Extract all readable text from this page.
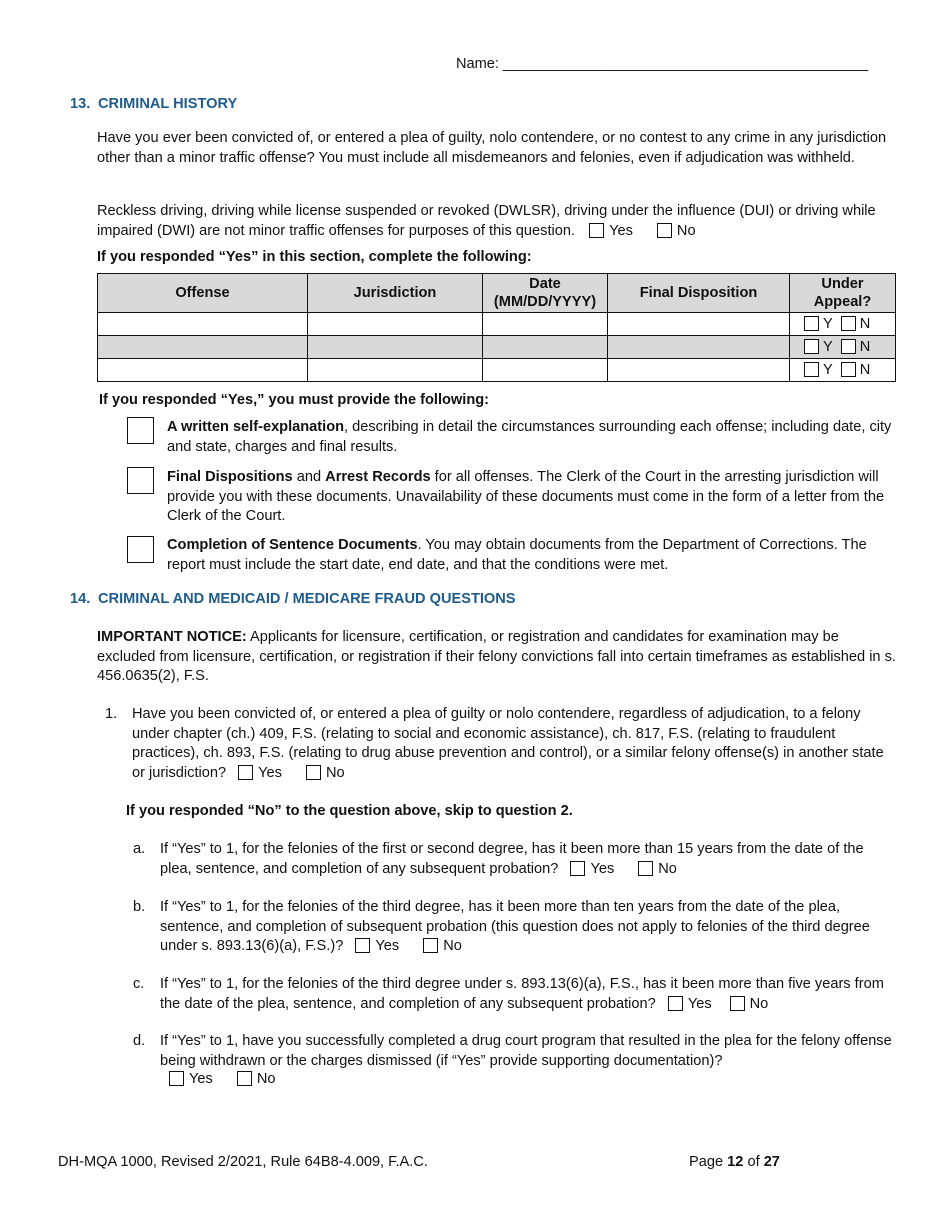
Name: _____________________________________________
13. CRIMINAL HISTORY
Have you ever been convicted of, or entered a plea of guilty, nolo contendere, or no contest to any crime in any jurisdiction other than a minor traffic offense? You must include all misdemeanors and felonies, even if adjudication was withheld.
Reckless driving, driving while license suspended or revoked (DWLSR), driving under the influence (DUI) or driving while impaired (DWI) are not minor traffic offenses for purposes of this question. Yes	No
If you responded “Yes” in this section, complete the following:
Offense	Jurisdiction	Date (MM/DD/YYYY)	Final Disposition	Under Appeal?
				Y N
				Y N
				Y N
If you responded “Yes,” you must provide the following:
A written self-explanation, describing in detail the circumstances surrounding each offense; including date, city and state, charges and final results.
Final Dispositions and Arrest Records for all offenses. The Clerk of the Court in the arresting jurisdiction will provide you with these documents. Unavailability of these documents must come in the form of a letter from the Clerk of the Court.
Completion of Sentence Documents. You may obtain documents from the Department of Corrections. The report must include the start date, end date, and that the conditions were met.
14. CRIMINAL AND MEDICAID / MEDICARE FRAUD QUESTIONS
IMPORTANT NOTICE: Applicants for licensure, certification, or registration and candidates for examination may be excluded from licensure, certification, or registration if their felony convictions fall into certain timeframes as established in s. 456.0635(2), F.S.
1. Have you been convicted of, or entered a plea of guilty or nolo contendere, regardless of adjudication, to a felony under chapter (ch.) 409, F.S. (relating to social and economic assistance), ch. 817, F.S. (relating to fraudulent practices), ch. 893, F.S. (relating to drug abuse prevention and control), or a similar felony offense(s) in another state or jurisdiction? Yes	No
If you responded “No” to the question above, skip to question 2.
a. If “Yes” to 1, for the felonies of the first or second degree, has it been more than 15 years from the date of the plea, sentence, and completion of any subsequent probation? Yes	No
b. If “Yes” to 1, for the felonies of the third degree, has it been more than ten years from the date of the plea, sentence, and completion of subsequent probation (this question does not apply to felonies of the third degree under s. 893.13(6)(a), F.S.)? Yes	No
c. If “Yes” to 1, for the felonies of the third degree under s. 893.13(6)(a), F.S., has it been more than five years from the date of the plea, sentence, and completion of any subsequent probation? Yes	No
d. If “Yes” to 1, have you successfully completed a drug court program that resulted in the plea for the felony offense being withdrawn or the charges dismissed (if “Yes” provide supporting documentation)?
Yes	No
DH-MQA 1000, Revised 2/2021, Rule 64B8-4.009, F.A.C.	Page 12 of 27
